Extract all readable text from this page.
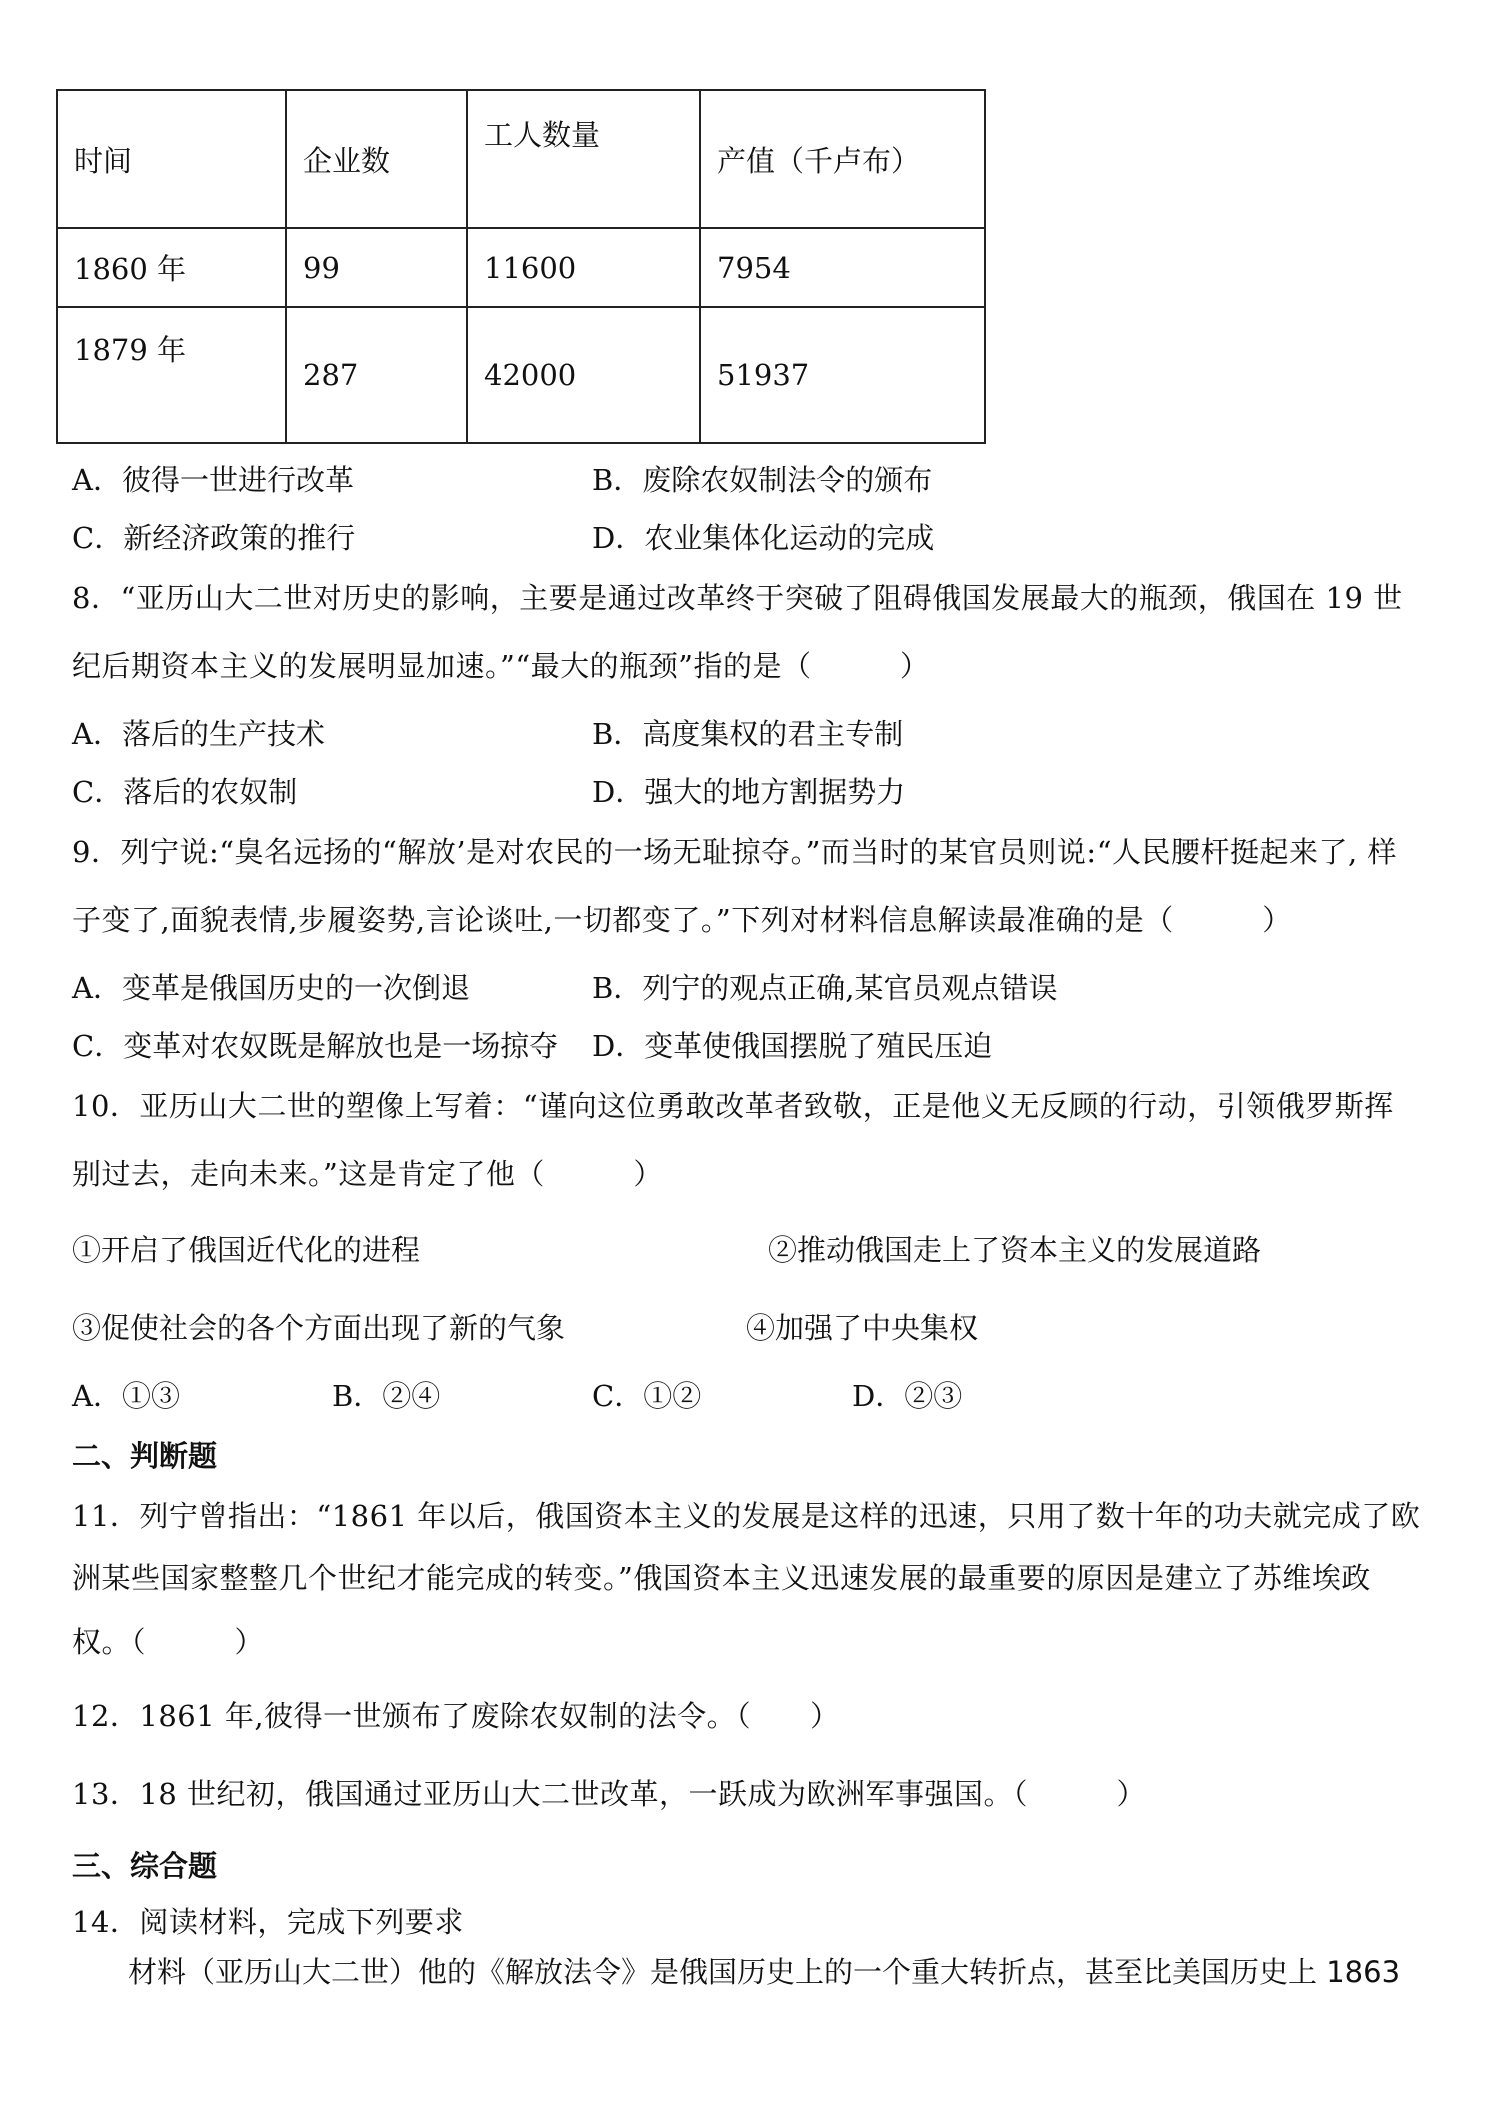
时间	企业数	工人数量	产值（千卢布）
1860 年	99	11600	7954
1879 年	287	42000	51937
A．彼得一世进行改革	B．废除农奴制法令的颁布
C．新经济政策的推行	D．农业集体化运动的完成
8．“亚历山大二世对历史的影响，主要是通过改革终于突破了阻碍俄国发展最大的瓶颈，俄国在 19 世
纪后期资本主义的发展明显加速。”“最大的瓶颈”指的是（　　　）
A．落后的生产技术	B．高度集权的君主专制
C．落后的农奴制	D．强大的地方割据势力
9．列宁说:“臭名远扬的“解放’是对农民的一场无耻掠夺。”而当时的某官员则说:“人民腰杆挺起来了, 样
子变了,面貌表情,步履姿势,言论谈吐,一切都变了。”下列对材料信息解读最准确的是（　　　）
A．变革是俄国历史的一次倒退	B．列宁的观点正确,某官员观点错误
C．变革对农奴既是解放也是一场掠夺 D．变革使俄国摆脱了殖民压迫
10．亚历山大二世的塑像上写着：“谨向这位勇敢改革者致敬，正是他义无反顾的行动，引领俄罗斯挥
别过去，走向未来。”这是肯定了他（　　　）
①开启了俄国近代化的进程	②推动俄国走上了资本主义的发展道路
③促使社会的各个方面出现了新的气象	④加强了中央集权
A．①③	B．②④	C．①②	D．②③
二、判断题
11．列宁曾指出：“1861 年以后，俄国资本主义的发展是这样的迅速，只用了数十年的功夫就完成了欧
洲某些国家整整几个世纪才能完成的转变。”俄国资本主义迅速发展的最重要的原因是建立了苏维埃政
权。（　　　）
12．1861 年,彼得一世颁布了废除农奴制的法令。（　　）
13．18 世纪初，俄国通过亚历山大二世改革，一跃成为欧洲军事强国。（　　　）
三、综合题
14．阅读材料，完成下列要求
材料（亚历山大二世）他的《解放法令》是俄国历史上的一个重大转折点，甚至比美国历史上 1863
